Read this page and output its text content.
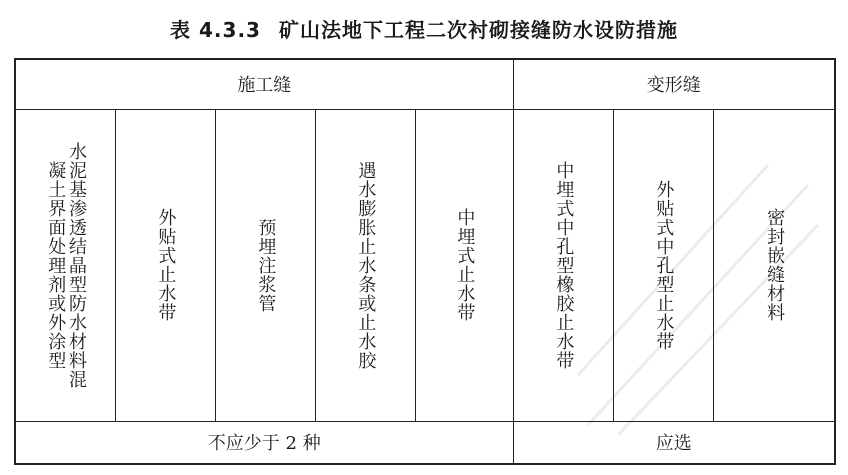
表 4.3.3 矿山法地下工程二次衬砌接缝防水设防措施
施工缝					变形缝		

水泥基渗透结晶型防水材料混凝土界面处理剂或外涂型	外贴式止水带	预埋注浆管	遇水膨胀止水条或止水胶	中埋式止水带	中埋式中孔型橡胶止水带	外贴式中孔型止水带	密封嵌缝材料

不应少于 2 种					应选		
